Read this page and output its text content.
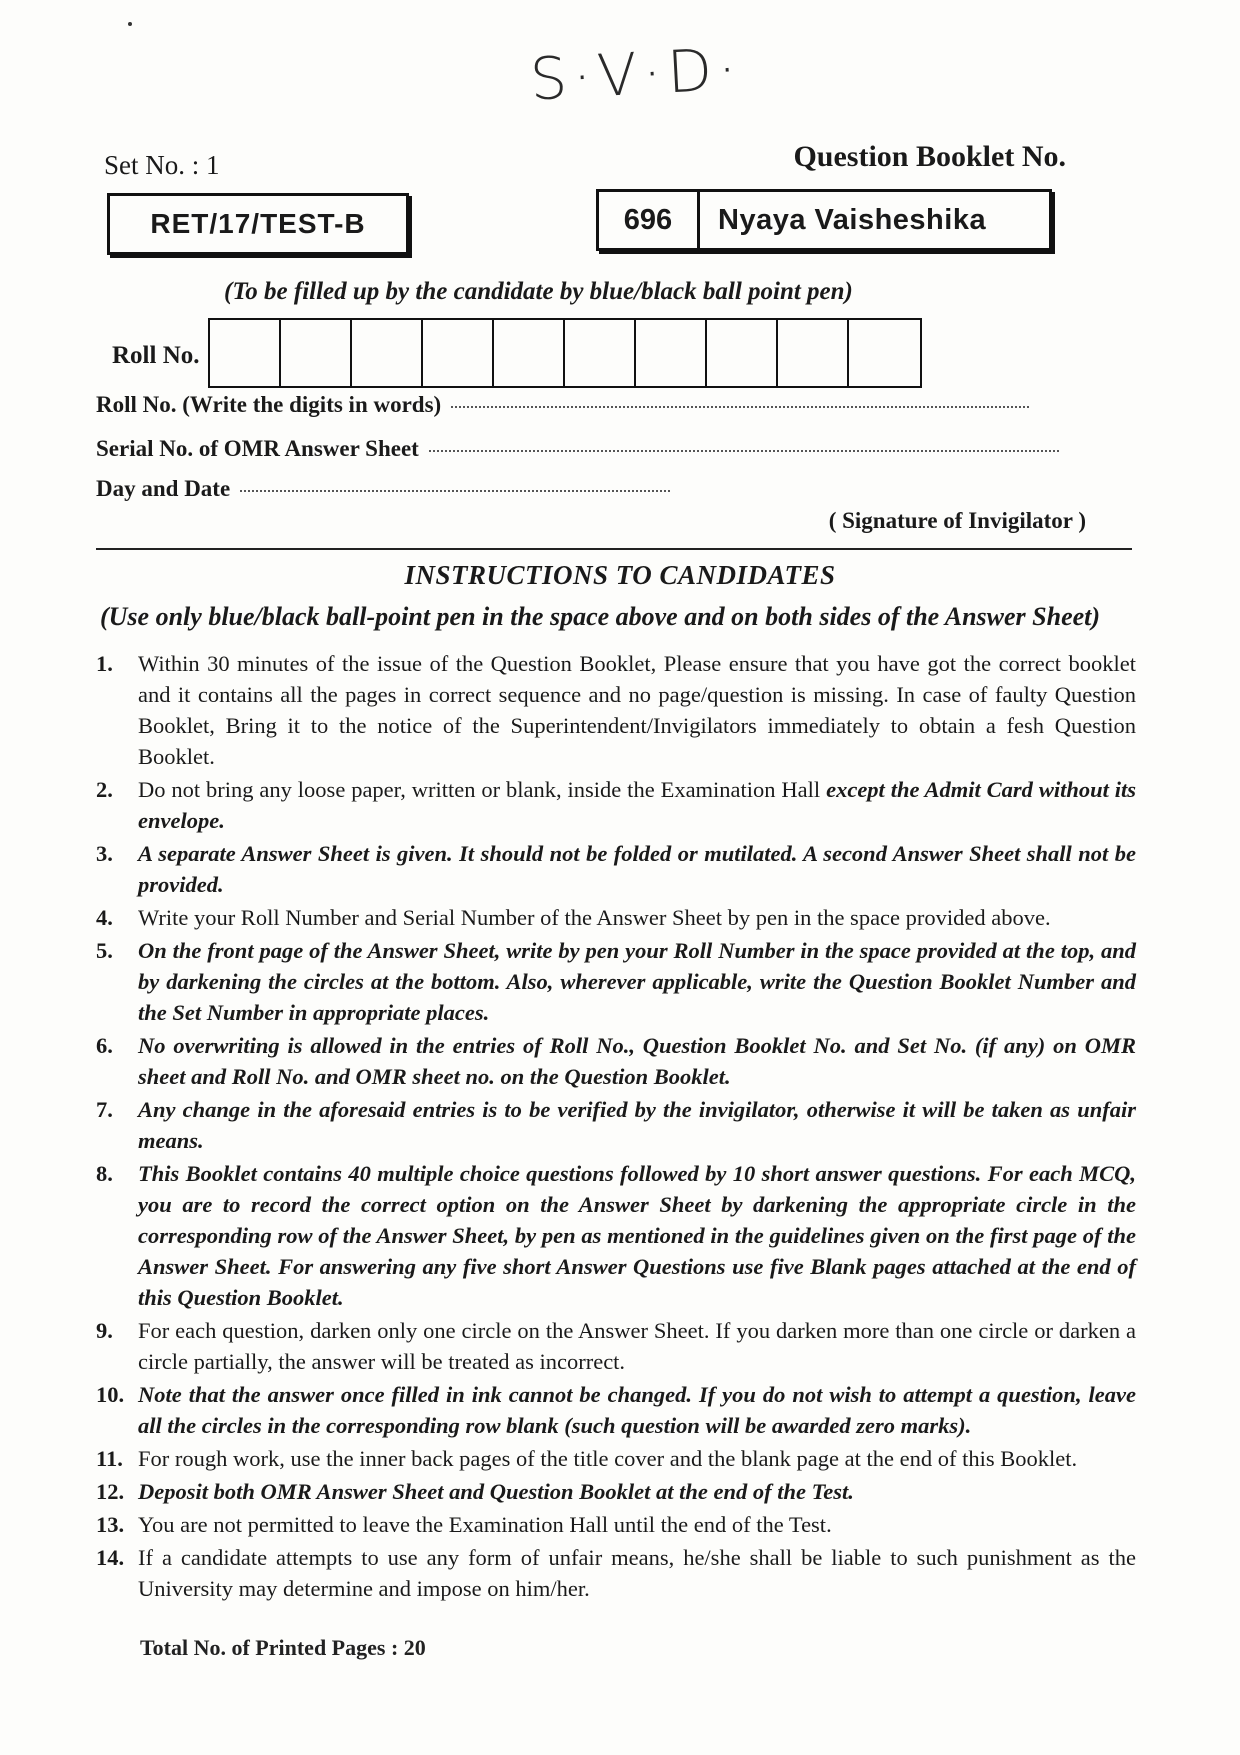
S·V·D·
Set No. : 1	Question Booklet No.
RET/17/TEST-B	696	Nyaya Vaisheshika
(To be filled up by the candidate by blue/black ball point pen)
Roll No.
Roll No. (Write the digits in words)
Serial No. of OMR Answer Sheet
Day and Date
( Signature of Invigilator )
INSTRUCTIONS TO CANDIDATES
(Use only blue/black ball-point pen in the space above and on both sides of the Answer Sheet)
1.	Within 30 minutes of the issue of the Question Booklet, Please ensure that you have got the correct booklet and it contains all the pages in correct sequence and no page/question is missing. In case of faulty Question Booklet, Bring it to the notice of the Superintendent/Invigilators immediately to obtain a fesh Question Booklet.
2.	Do not bring any loose paper, written or blank, inside the Examination Hall except the Admit Card without its envelope.
3.	A separate Answer Sheet is given. It should not be folded or mutilated. A second Answer Sheet shall not be provided.
4.	Write your Roll Number and Serial Number of the Answer Sheet by pen in the space provided above.
5.	On the front page of the Answer Sheet, write by pen your Roll Number in the space provided at the top, and by darkening the circles at the bottom. Also, wherever applicable, write the Question Booklet Number and the Set Number in appropriate places.
6.	No overwriting is allowed in the entries of Roll No., Question Booklet No. and Set No. (if any) on OMR sheet and Roll No. and OMR sheet no. on the Question Booklet.
7.	Any change in the aforesaid entries is to be verified by the invigilator, otherwise it will be taken as unfair means.
8.	This Booklet contains 40 multiple choice questions followed by 10 short answer questions. For each MCQ, you are to record the correct option on the Answer Sheet by darkening the appropriate circle in the corresponding row of the Answer Sheet, by pen as mentioned in the guidelines given on the first page of the Answer Sheet. For answering any five short Answer Questions use five Blank pages attached at the end of this Question Booklet.
9.	For each question, darken only one circle on the Answer Sheet. If you darken more than one circle or darken a circle partially, the answer will be treated as incorrect.
10. Note that the answer once filled in ink cannot be changed. If you do not wish to attempt a question, leave all the circles in the corresponding row blank (such question will be awarded zero marks).
11. For rough work, use the inner back pages of the title cover and the blank page at the end of this Booklet.
12. Deposit both OMR Answer Sheet and Question Booklet at the end of the Test.
13. You are not permitted to leave the Examination Hall until the end of the Test.
14. If a candidate attempts to use any form of unfair means, he/she shall be liable to such punishment as the University may determine and impose on him/her.
Total No. of Printed Pages : 20
